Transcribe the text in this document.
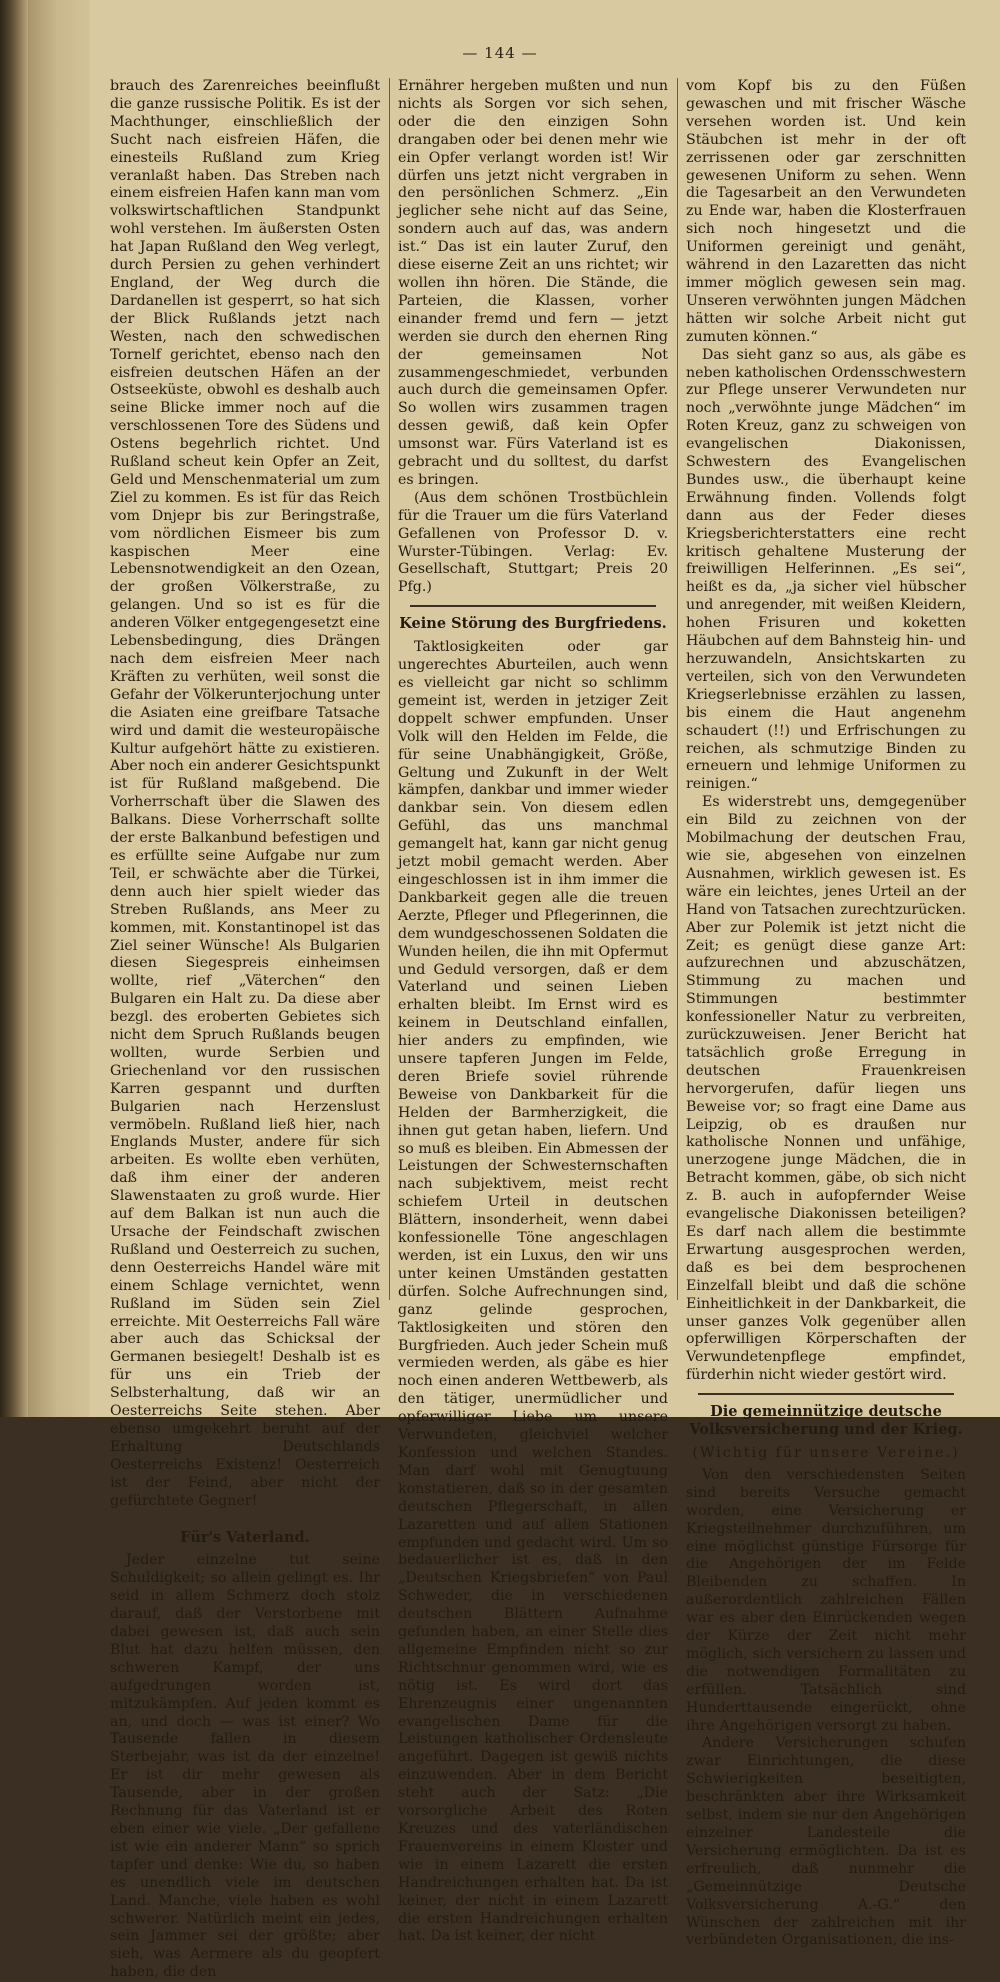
— 144 —

brauch des Zarenreiches beeinflußt die ganze russische Politik. Es ist der Machthunger, einschließlich der Sucht nach eisfreien Häfen, die einesteils Rußland zum Krieg veranlaßt haben. Das Streben nach einem eisfreien Hafen kann man vom volkswirtschaftlichen Standpunkt wohl verstehen. Im äußersten Osten hat Japan Rußland den Weg verlegt, durch Persien zu gehen verhindert England, der Weg durch die Dardanellen ist gesperrt, so hat sich der Blick Rußlands jetzt nach Westen, nach den schwedischen Tornelf gerichtet, ebenso nach den eisfreien deutschen Häfen an der Ostseeküste, obwohl es deshalb auch seine Blicke immer noch auf die verschlossenen Tore des Südens und Ostens begehrlich richtet. Und Rußland scheut kein Opfer an Zeit, Geld und Menschenmaterial um zum Ziel zu kommen. Es ist für das Reich vom Dnjepr bis zur Beringstraße, vom nördlichen Eismeer bis zum kaspischen Meer eine Lebensnotwendigkeit an den Ozean, der großen Völkerstraße, zu gelangen. Und so ist es für die anderen Völker entgegengesetzt eine Lebensbedingung, dies Drängen nach dem eisfreien Meer nach Kräften zu verhüten, weil sonst die Gefahr der Völkerunterjochung unter die Asiaten eine greifbare Tatsache wird und damit die westeuropäische Kultur aufgehört hätte zu existieren. Aber noch ein anderer Gesichtspunkt ist für Rußland maßgebend. Die Vorherrschaft über die Slawen des Balkans. Diese Vorherrschaft sollte der erste Balkanbund befestigen und es erfüllte seine Aufgabe nur zum Teil, er schwächte aber die Türkei, denn auch hier spielt wieder das Streben Rußlands, ans Meer zu kommen, mit. Konstantinopel ist das Ziel seiner Wünsche! Als Bulgarien diesen Siegespreis einheimsen wollte, rief „Väterchen“ den Bulgaren ein Halt zu. Da diese aber bezgl. des eroberten Gebietes sich nicht dem Spruch Rußlands beugen wollten, wurde Serbien und Griechenland vor den russischen Karren gespannt und durften Bulgarien nach Herzenslust vermöbeln. Rußland ließ hier, nach Englands Muster, andere für sich arbeiten. Es wollte eben verhüten, daß ihm einer der anderen Slawenstaaten zu groß wurde. Hier auf dem Balkan ist nun auch die Ursache der Feindschaft zwischen Rußland und Oesterreich zu suchen, denn Oesterreichs Handel wäre mit einem Schlage vernichtet, wenn Rußland im Süden sein Ziel erreichte. Mit Oesterreichs Fall wäre aber auch das Schicksal der Germanen besiegelt! Deshalb ist es für uns ein Trieb der Selbsterhaltung, daß wir an Oesterreichs Seite stehen. Aber ebenso umgekehrt beruht auf der Erhaltung Deutschlands Oesterreichs Existenz! Oesterreich ist der Feind, aber nicht der gefürchtete Gegner!

Für's Vaterland.

Jeder einzelne tut seine Schuldigkeit; so allein gelingt es. Ihr seid in allem Schmerz doch stolz darauf, daß der Verstorbene mit dabei gewesen ist, daß auch sein Blut hat dazu helfen müssen, den schweren Kampf, der uns aufgedrungen worden ist, mitzukämpfen. Auf jeden kommt es an, und doch — was ist einer? Wo Tausende fallen in diesem Sterbejahr, was ist da der einzelne! Er ist dir mehr gewesen als Tausende, aber in der großen Rechnung für das Vaterland ist er eben einer wie viele. „Der gefallene ist wie ein anderer Mann“ so sprich tapfer und denke: Wie du, so haben es unendlich viele im deutschen Land. Manche, viele haben es wohl schwerer. Natürlich meint ein jedes, sein Jammer sei der größte; aber sieh, was Aermere als du geopfert haben, die den

Ernährer hergeben mußten und nun nichts als Sorgen vor sich sehen, oder die den einzigen Sohn drangaben oder bei denen mehr wie ein Opfer verlangt worden ist! Wir dürfen uns jetzt nicht vergraben in den persönlichen Schmerz. „Ein jeglicher sehe nicht auf das Seine, sondern auch auf das, was andern ist.“ Das ist ein lauter Zuruf, den diese eiserne Zeit an uns richtet; wir wollen ihn hören. Die Stände, die Parteien, die Klassen, vorher einander fremd und fern — jetzt werden sie durch den ehernen Ring der gemeinsamen Not zusammengeschmiedet, verbunden auch durch die gemeinsamen Opfer. So wollen wirs zusammen tragen dessen gewiß, daß kein Opfer umsonst war. Fürs Vaterland ist es gebracht und du solltest, du darfst es bringen.

(Aus dem schönen Trostbüchlein für die Trauer um die fürs Vaterland Gefallenen von Professor D. v. Wurster-Tübingen. Verlag: Ev. Gesellschaft, Stuttgart; Preis 20 Pfg.)

Keine Störung des Burgfriedens.

Taktlosigkeiten oder gar ungerechtes Aburteilen, auch wenn es vielleicht gar nicht so schlimm gemeint ist, werden in jetziger Zeit doppelt schwer empfunden. Unser Volk will den Helden im Felde, die für seine Unabhängigkeit, Größe, Geltung und Zukunft in der Welt kämpfen, dankbar und immer wieder dankbar sein. Von diesem edlen Gefühl, das uns manchmal gemangelt hat, kann gar nicht genug jetzt mobil gemacht werden. Aber eingeschlossen ist in ihm immer die Dankbarkeit gegen alle die treuen Aerzte, Pfleger und Pflegerinnen, die dem wundgeschossenen Soldaten die Wunden heilen, die ihn mit Opfermut und Geduld versorgen, daß er dem Vaterland und seinen Lieben erhalten bleibt. Im Ernst wird es keinem in Deutschland einfallen, hier anders zu empfinden, wie unsere tapferen Jungen im Felde, deren Briefe soviel rührende Beweise von Dankbarkeit für die Helden der Barmherzigkeit, die ihnen gut getan haben, liefern. Und so muß es bleiben. Ein Abmessen der Leistungen der Schwesternschaften nach subjektivem, meist recht schiefem Urteil in deutschen Blättern, insonderheit, wenn dabei konfessionelle Töne angeschlagen werden, ist ein Luxus, den wir uns unter keinen Umständen gestatten dürfen. Solche Aufrechnungen sind, ganz gelinde gesprochen, Taktlosigkeiten und stören den Burgfrieden. Auch jeder Schein muß vermieden werden, als gäbe es hier noch einen anderen Wettbewerb, als den tätiger, unermüdlicher und opferwilliger Liebe um unsere Verwundeten, gleichviel welcher Konfession und welchen Standes. Man darf wohl mit Genugtuung konstatieren, daß so in der gesamten deutschen Pflegerschaft, in allen Lazaretten und auf allen Stationen empfunden und gedacht wird. Um so bedauerlicher ist es, daß in den „Deutschen Kriegsbriefen“ von Paul Schweder, die in verschiedenen deutschen Blättern Aufnahme gefunden haben, an einer Stelle dies allgemeine Empfinden nicht so zur Richtschnur genommen wird, wie es nötig ist. Es wird dort das Ehrenzeugnis einer ungenannten evangelischen Dame für die Leistungen katholischer Ordensleute angeführt. Dagegen ist gewiß nichts einzuwenden. Aber in dem Bericht steht auch der Satz: „Die vorsorgliche Arbeit des Roten Kreuzes und des vaterländischen Frauenvereins in einem Kloster und wie in einem Lazarett die ersten Handreichungen erhalten hat. Da ist keiner, der nicht in einem Lazarett die ersten Handreichungen erhalten hat. Da ist keiner, der nicht

vom Kopf bis zu den Füßen gewaschen und mit frischer Wäsche versehen worden ist. Und kein Stäubchen ist mehr in der oft zerrissenen oder gar zerschnitten gewesenen Uniform zu sehen. Wenn die Tagesarbeit an den Verwundeten zu Ende war, haben die Klosterfrauen sich noch hingesetzt und die Uniformen gereinigt und genäht, während in den Lazaretten das nicht immer möglich gewesen sein mag. Unseren verwöhnten jungen Mädchen hätten wir solche Arbeit nicht gut zumuten können.“

Das sieht ganz so aus, als gäbe es neben katholischen Ordensschwestern zur Pflege unserer Verwundeten nur noch „verwöhnte junge Mädchen“ im Roten Kreuz, ganz zu schweigen von evangelischen Diakonissen, Schwestern des Evangelischen Bundes usw., die überhaupt keine Erwähnung finden. Vollends folgt dann aus der Feder dieses Kriegsberichterstatters eine recht kritisch gehaltene Musterung der freiwilligen Helferinnen. „Es sei“, heißt es da, „ja sicher viel hübscher und anregender, mit weißen Kleidern, hohen Frisuren und koketten Häubchen auf dem Bahnsteig hin- und herzuwandeln, Ansichtskarten zu verteilen, sich von den Verwundeten Kriegserlebnisse erzählen zu lassen, bis einem die Haut angenehm schaudert (!!) und Erfrischungen zu reichen, als schmutzige Binden zu erneuern und lehmige Uniformen zu reinigen.“

Es widerstrebt uns, demgegenüber ein Bild zu zeichnen von der Mobilmachung der deutschen Frau, wie sie, abgesehen von einzelnen Ausnahmen, wirklich gewesen ist. Es wäre ein leichtes, jenes Urteil an der Hand von Tatsachen zurechtzurücken. Aber zur Polemik ist jetzt nicht die Zeit; es genügt diese ganze Art: aufzurechnen und abzuschätzen, Stimmung zu machen und Stimmungen bestimmter konfessioneller Natur zu verbreiten, zurückzuweisen. Jener Bericht hat tatsächlich große Erregung in deutschen Frauenkreisen hervorgerufen, dafür liegen uns Beweise vor; so fragt eine Dame aus Leipzig, ob es draußen nur katholische Nonnen und unfähige, unerzogene junge Mädchen, die in Betracht kommen, gäbe, ob sich nicht z. B. auch in aufopfernder Weise evangelische Diakonissen beteiligen? Es darf nach allem die bestimmte Erwartung ausgesprochen werden, daß es bei dem besprochenen Einzelfall bleibt und daß die schöne Einheitlichkeit in der Dankbarkeit, die unser ganzes Volk gegenüber allen opferwilligen Körperschaften der Verwundetenpflege empfindet, fürderhin nicht wieder gestört wird.

Die gemeinnützige deutsche Volksversicherung und der Krieg.
(Wichtig für unsere Vereine.)

Von den verschiedensten Seiten sind bereits Versuche gemacht worden, eine Versicherung er Kriegsteilnehmer durchzuführen, um eine möglichst günstige Fürsorge für die Angehörigen der im Felde Bleibenden zu schaffen. In außerordentlich zahlreichen Fällen war es aber den Einrückenden wegen der Kürze der Zeit nicht mehr möglich, sich versichern zu lassen und die notwendigen Formalitäten zu erfüllen. Tatsächlich sind Hunderttausende eingerückt, ohne ihre Angehörigen versorgt zu haben.

Andere Versicherungen schufen zwar Einrichtungen, die diese Schwierigkeiten beseitigten, beschränkten aber ihre Wirksamkeit selbst, indem sie nur den Angehörigen einzelner Landesteile die Versicherung ermöglichten. Da ist es erfreulich, daß nunmehr die „Gemeinnützige Deutsche Volksversicherung A.-G.“ den Wünschen der zahlreichen mit ihr verbündeten Organisationen, die ins-
